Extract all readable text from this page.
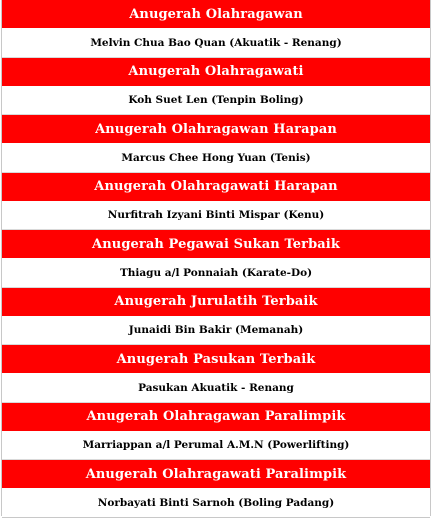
Anugerah Olahragawan
Melvin Chua Bao Quan (Akuatik - Renang)
Anugerah Olahragawati
Koh Suet Len (Tenpin Boling)
Anugerah Olahragawan Harapan
Marcus Chee Hong Yuan (Tenis)
Anugerah Olahragawati Harapan
Nurfitrah Izyani Binti Mispar (Kenu)
Anugerah Pegawai Sukan Terbaik
Thiagu a/l Ponnaiah (Karate-Do)
Anugerah Jurulatih Terbaik
Junaidi Bin Bakir (Memanah)
Anugerah Pasukan Terbaik
Pasukan Akuatik - Renang
Anugerah Olahragawan Paralimpik
Marriappan a/l Perumal A.M.N (Powerlifting)
Anugerah Olahragawati Paralimpik
Norbayati Binti Sarnoh (Boling Padang)
